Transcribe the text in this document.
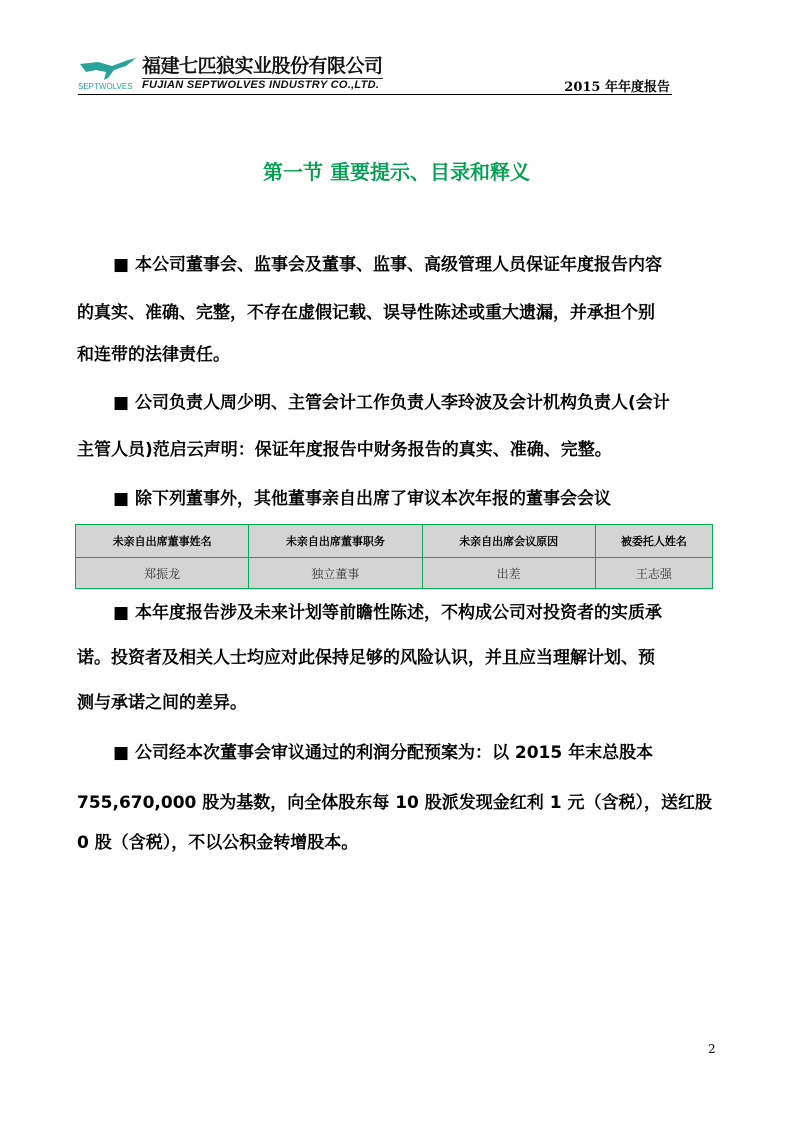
SEPTWOLVES
福建七匹狼实业股份有限公司
FUJIAN SEPTWOLVES INDUSTRY CO.,LTD.	2015 年年度报告
第一节 重要提示、目录和释义
■ 本公司董事会、监事会及董事、监事、高级管理人员保证年度报告内容
的真实、准确、完整，不存在虚假记载、误导性陈述或重大遗漏，并承担个别
和连带的法律责任。
■ 公司负责人周少明、主管会计工作负责人李玲波及会计机构负责人(会计
主管人员)范启云声明：保证年度报告中财务报告的真实、准确、完整。
■ 除下列董事外，其他董事亲自出席了审议本次年报的董事会会议
未亲自出席董事姓名	未亲自出席董事职务	未亲自出席会议原因	被委托人姓名
郑振龙	独立董事	出差	王志强
■ 本年度报告涉及未来计划等前瞻性陈述，不构成公司对投资者的实质承
诺。投资者及相关人士均应对此保持足够的风险认识，并且应当理解计划、预
测与承诺之间的差异。
■ 公司经本次董事会审议通过的利润分配预案为：以 2015 年末总股本
755,670,000 股为基数，向全体股东每 10 股派发现金红利 1 元（含税），送红股
0 股（含税），不以公积金转增股本。
2
